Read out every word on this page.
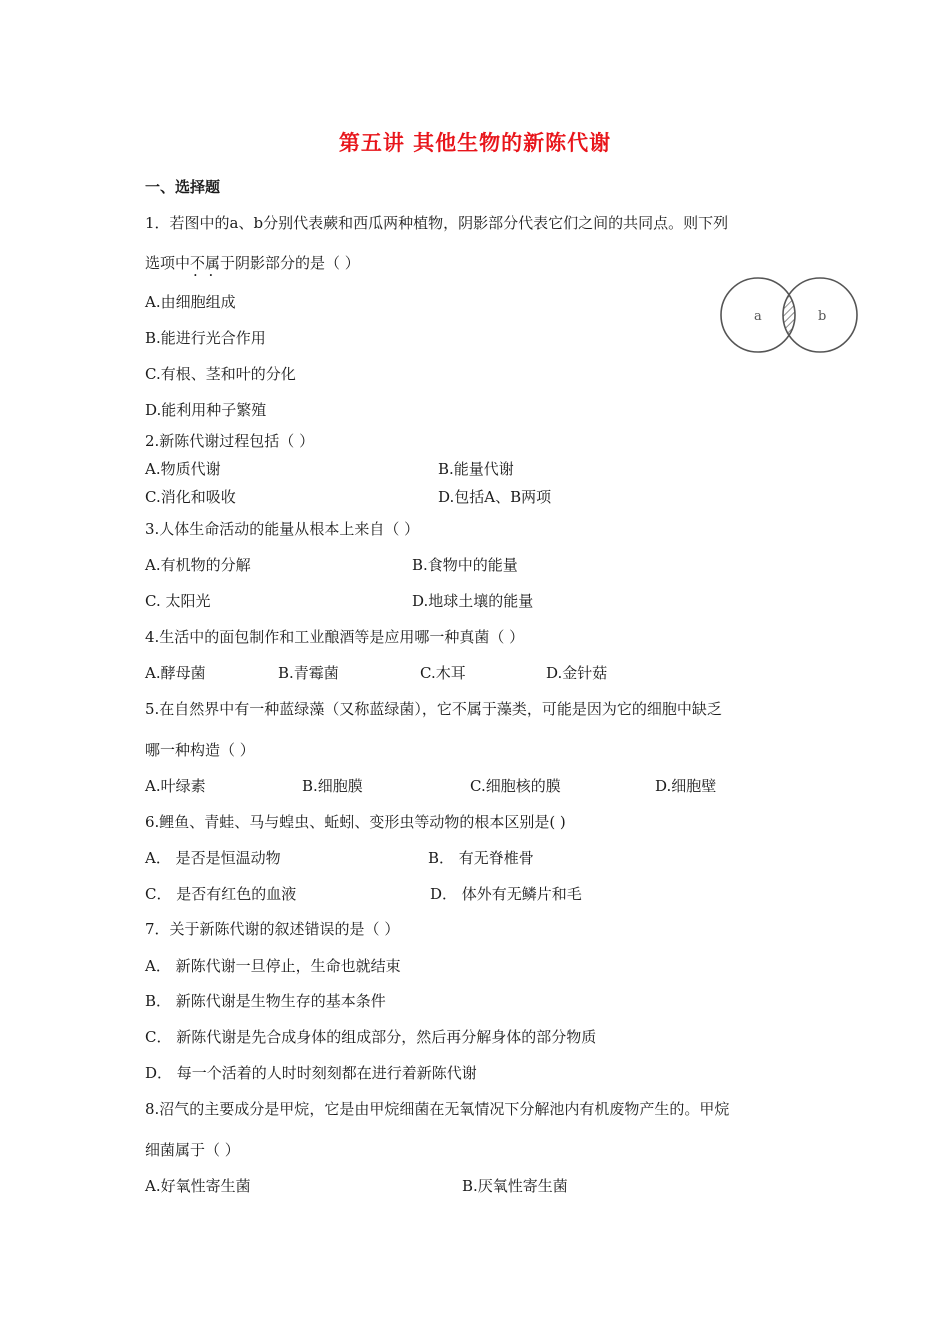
第五讲 其他生物的新陈代谢
一、选择题
1．若图中的a、b分别代表蕨和西瓜两种植物，阴影部分代表它们之间的共同点。则下列
选项中不属于 · ·阴影部分的是（ ）
a	b
A.由细胞组成
B.能进行光合作用
C.有根、茎和叶的分化
D.能利用种子繁殖
2.新陈代谢过程包括（ ）
A.物质代谢	B.能量代谢
C.消化和吸收	D.包括A、B两项
3.人体生命活动的能量从根本上来自（ ）
A.有机物的分解	B.食物中的能量
C. 太阳光	D.地球土壤的能量
4.生活中的面包制作和工业酿酒等是应用哪一种真菌（ ）
A.酵母菌	B.青霉菌	C.木耳	D.金针菇
5.在自然界中有一种蓝绿藻（又称蓝绿菌），它不属于藻类，可能是因为它的细胞中缺乏
哪一种构造（ ）
A.叶绿素	B.细胞膜	C.细胞核的膜	D.细胞壁
6.鲤鱼、青蛙、马与蝗虫、蚯蚓、变形虫等动物的根本区别是( )
A． 是否是恒温动物	B． 有无脊椎骨
C． 是否有红色的血液	D． 体外有无鳞片和毛
7．关于新陈代谢的叙述错误的是（ ）
A． 新陈代谢一旦停止，生命也就结束
B． 新陈代谢是生物生存的基本条件
C． 新陈代谢是先合成身体的组成部分，然后再分解身体的部分物质
D． 每一个活着的人时时刻刻都在进行着新陈代谢
8.沼气的主要成分是甲烷，它是由甲烷细菌在无氧情况下分解池内有机废物产生的。甲烷
细菌属于（ ）
A.好氧性寄生菌	B.厌氧性寄生菌
